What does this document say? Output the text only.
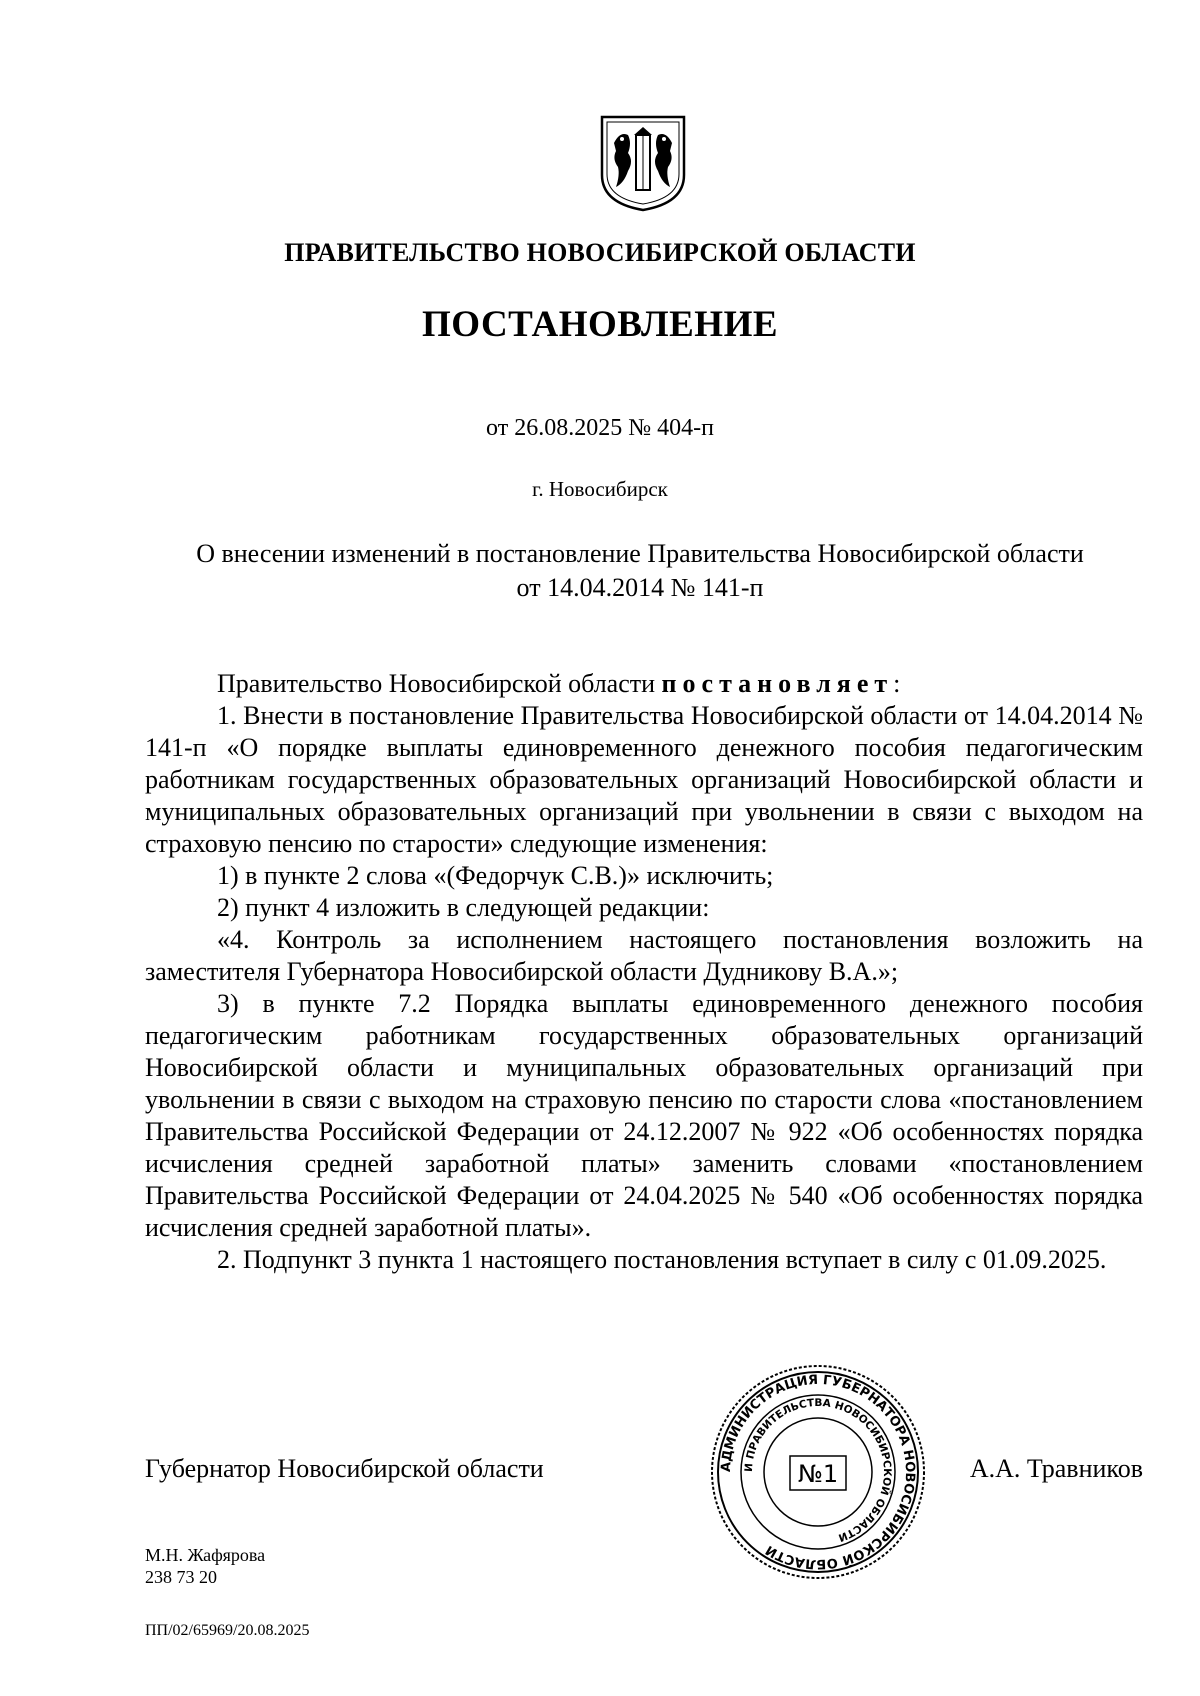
ПРАВИТЕЛЬСТВО НОВОСИБИРСКОЙ ОБЛАСТИ
ПОСТАНОВЛЕНИЕ
от 26.08.2025 № 404-п
г. Новосибирск
О внесении изменений в постановление Правительства Новосибирской области
от 14.04.2014 № 141-п

Правительство Новосибирской области постановляет:

1. Внести в постановление Правительства Новосибирской области от 14.04.2014 № 141-п «О порядке выплаты единовременного денежного пособия педагогическим работникам государственных образовательных организаций Новосибирской области и муниципальных образовательных организаций при увольнении в связи с выходом на страховую пенсию по старости» следующие изменения:

1) в пункте 2 слова «(Федорчук С.В.)» исключить;

2) пункт 4 изложить в следующей редакции:

«4. Контроль за исполнением настоящего постановления возложить на заместителя Губернатора Новосибирской области Дудникову В.А.»;

3) в пункте 7.2 Порядка выплаты единовременного денежного пособия педагогическим работникам государственных образовательных организаций Новосибирской области и муниципальных образовательных организаций при увольнении в связи с выходом на страховую пенсию по старости слова «постановлением Правительства Российской Федерации от 24.12.2007 № 922 «Об особенностях порядка исчисления средней заработной платы» заменить словами «постановлением Правительства Российской Федерации от 24.04.2025 № 540 «Об особенностях порядка исчисления средней заработной платы».

2. Подпункт 3 пункта 1 настоящего постановления вступает в силу с 01.09.2025.

Губернатор Новосибирской области	А.А. Травников
АДМИНИСТРАЦИЯ ГУБЕРНАТОРА НОВОСИБИРСКОЙ ОБЛАСТИ
И ПРАВИТЕЛЬСТВА НОВОСИБИРСКОЙ ОБЛАСТИ
№1
М.Н. Жафярова
238 73 20
ПП/02/65969/20.08.2025
